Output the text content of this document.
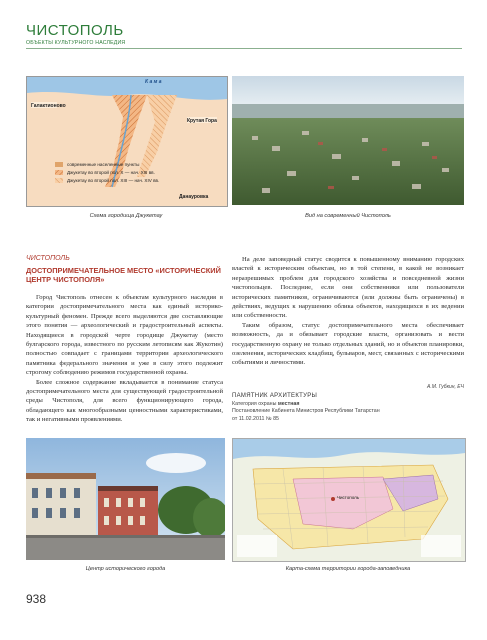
ЧИСТОПОЛЬ
ОБЪЕКТЫ КУЛЬТУРНОГО НАСЛЕДИЯ
К а м а
Галактионово
Крутая Гора
Данауровка
современные населенные пункты
Джукетау во второй пол. X — нач. XIII вв.
Джукетау во второй пол. XIII — нач. XIV вв.
Схема городища Джукетау	Вид на современный Чистополь
ЧИСТОПОЛЬ
ДОСТОПРИМЕЧАТЕЛЬНОЕ МЕСТО «ИСТОРИЧЕСКИЙ ЦЕНТР ЧИСТОПОЛЯ»

Город Чистополь отнесен к объектам культурного наследия в категории достопримечательного места как единый историко-культурный феномен. Прежде всего выделяются две составляющие этого понятия — археологический и градостроительный аспекты. Находящиеся в городской черте городище Джукетау (место булгарского города, известного по русским летописям как Жукотин) полностью совпадает с границами территории археологического памятника федерального значения и уже в силу этого подлежит строгому соблюдению режимов государственной охраны.

Более сложное содержание вкладывается в понимание статуса достопримечательного места для существующей градостроительной среды Чистополя, для всего функционирующего города, обладающего как многообразными ценностными характеристиками, так и негативными проявлениями.

На деле заповедный статус сводится к повышенному вниманию городских властей к историческим объектам, но в той степени, в какой не возникает неразрешимых проблем для городского хозяйства и повседневной жизни чистопольцев. Последние, если они собственники или пользователи исторических памятников, ограничиваются (или должны быть ограничены) в действиях, ведущих к нарушению облика объектов, находящихся в их ведении или собственности.

Таким образом, статус достопримечательного места обеспечивает возможность, да и обязывает городские власти, организовать и вести государственную охрану не только отдельных зданий, но и объектов планировки, озеленения, исторических кладбищ, бульваров, мест, связанных с историческими событиями и личностями.

А.М. Губкин, ЕЧ
ПАМЯТНИК АРХИТЕКТУРЫ
Категория охраны местная
Постановление Кабинета Министров Республики Татарстан
от 11.02.2011 № 85
Центр исторического города
Чистополь
Карта-схема территории города-заповедника
938
